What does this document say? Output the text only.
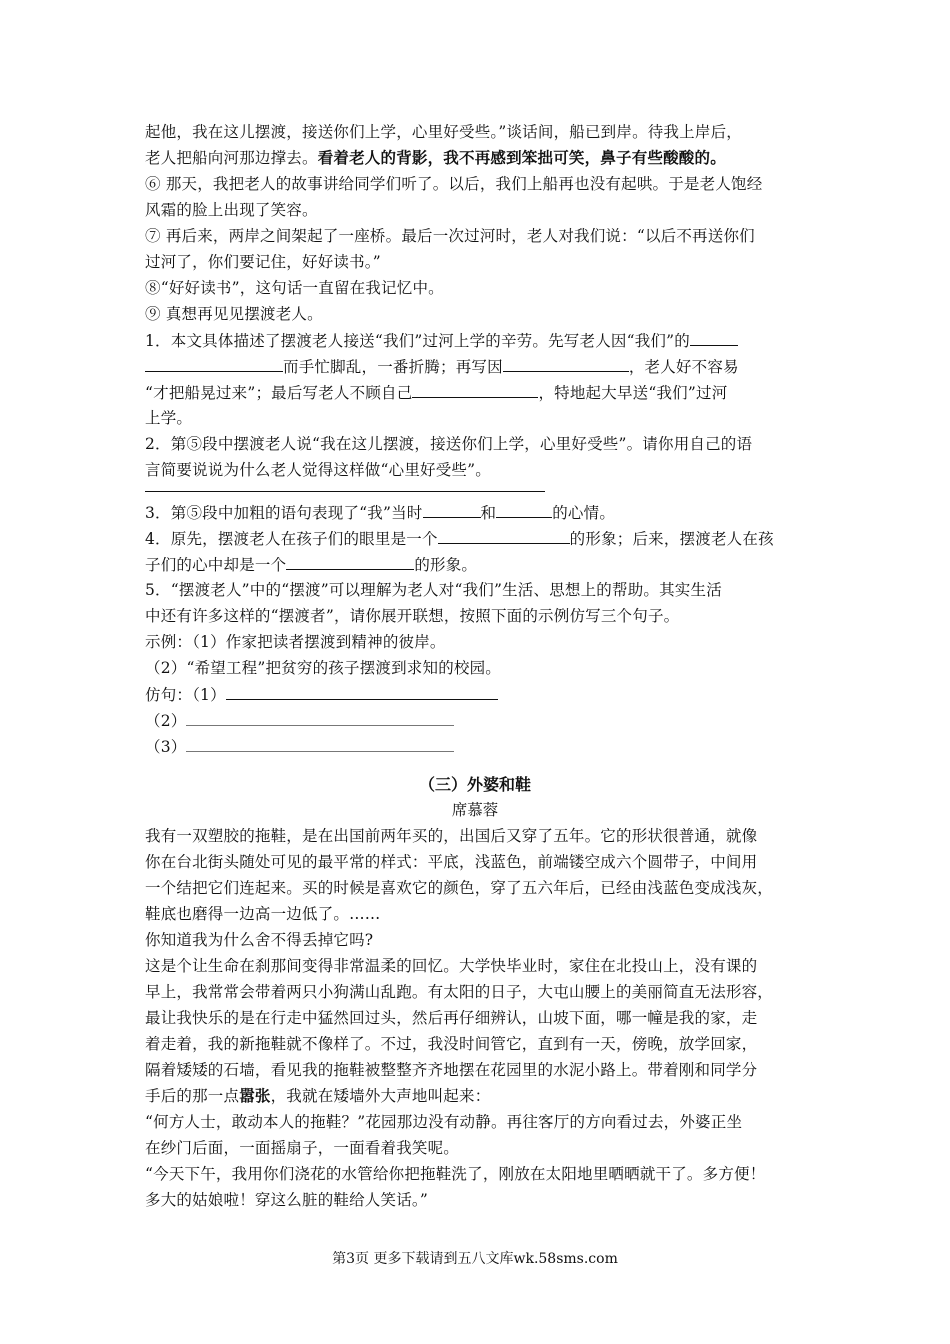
起他，我在这儿摆渡，接送你们上学，心里好受些。”谈话间，船已到岸。待我上岸后，
老人把船向河那边撑去。看着老人的背影，我不再感到笨拙可笑，鼻子有些酸酸的。
⑥ 那天，我把老人的故事讲给同学们听了。以后，我们上船再也没有起哄。于是老人饱经
风霜的脸上出现了笑容。
⑦ 再后来，两岸之间架起了一座桥。最后一次过河时，老人对我们说：“以后不再送你们
过河了，你们要记住，好好读书。”
⑧“好好读书”，这句话一直留在我记忆中。
⑨ 真想再见见摆渡老人。
1．本文具体描述了摆渡老人接送“我们”过河上学的辛劳。先写老人因“我们”的
而手忙脚乱，一番折腾；再写因	，老人好不容易
“才把船晃过来”；最后写老人不顾自己	，特地起大早送“我们”过河
上学。
2．第⑤段中摆渡老人说“我在这儿摆渡，接送你们上学，心里好受些”。请你用自己的语
言简要说说为什么老人觉得这样做“心里好受些”。
3．第⑤段中加粗的语句表现了“我”当时	和	的心情。
4．原先，摆渡老人在孩子们的眼里是一个	的形象；后来，摆渡老人在孩
子们的心中却是一个	的形象。
5．“摆渡老人”中的“摆渡”可以理解为老人对“我们”生活、思想上的帮助。其实生活
中还有许多这样的“摆渡者”，请你展开联想，按照下面的示例仿写三个句子。
示例：（1）作家把读者摆渡到精神的彼岸。
（2）“希望工程”把贫穷的孩子摆渡到求知的校园。
仿句：（1）
（2）
（3）
（三）外婆和鞋
席慕蓉
我有一双塑胶的拖鞋，是在出国前两年买的，出国后又穿了五年。它的形状很普通，就像
你在台北街头随处可见的最平常的样式：平底，浅蓝色，前端镂空成六个圆带子，中间用
一个结把它们连起来。买的时候是喜欢它的颜色，穿了五六年后，已经由浅蓝色变成浅灰，
鞋底也磨得一边高一边低了。……
你知道我为什么舍不得丢掉它吗?
这是个让生命在刹那间变得非常温柔的回忆。大学快毕业时，家住在北投山上，没有课的
早上，我常常会带着两只小狗满山乱跑。有太阳的日子，大屯山腰上的美丽简直无法形容，
最让我快乐的是在行走中猛然回过头，然后再仔细辨认，山坡下面，哪一幢是我的家，走
着走着，我的新拖鞋就不像样了。不过，我没时间管它，直到有一天，傍晚，放学回家，
隔着矮矮的石墙，看见我的拖鞋被整整齐齐地摆在花园里的水泥小路上。带着刚和同学分
手后的那一点嚣张，我就在矮墙外大声地叫起来：
“何方人士，敢动本人的拖鞋？”花园那边没有动静。再往客厅的方向看过去，外婆正坐
在纱门后面，一面摇扇子，一面看着我笑呢。
“今天下午，我用你们浇花的水管给你把拖鞋洗了，刚放在太阳地里晒晒就干了。多方便！
多大的姑娘啦！穿这么脏的鞋给人笑话。”
第3页 更多下载请到五八文库wk.58sms.com
